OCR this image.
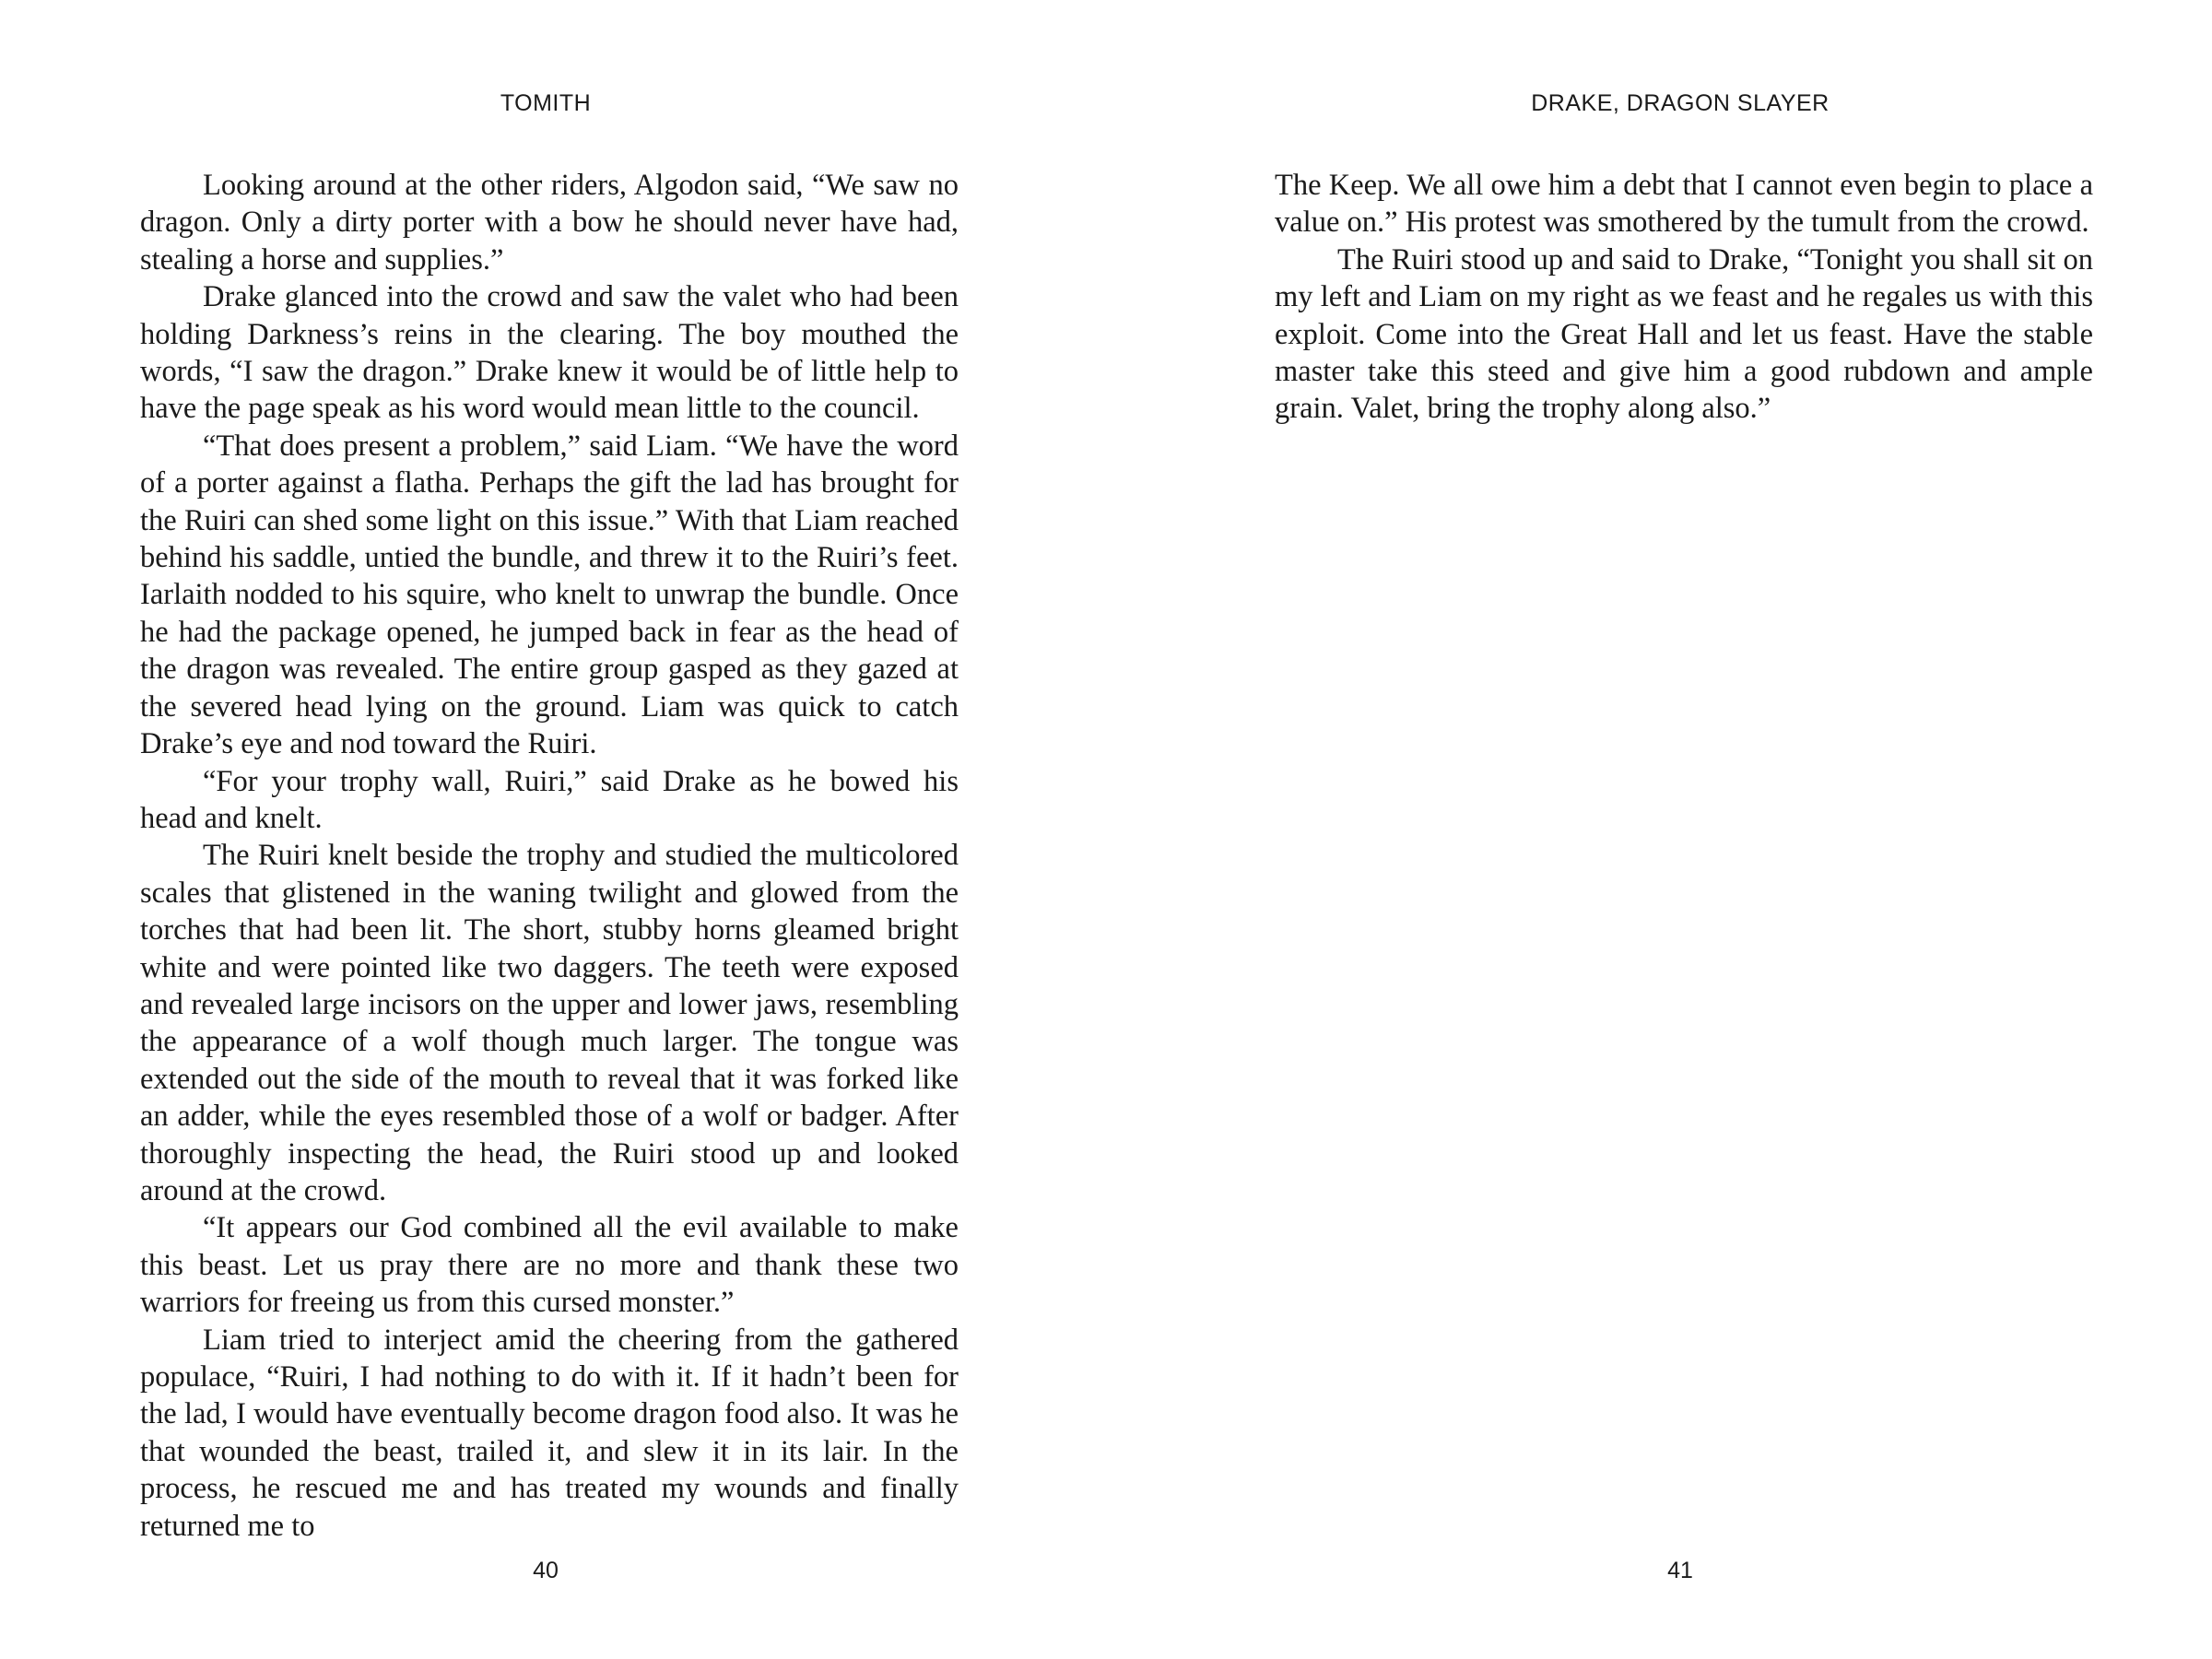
TOMITH

Looking around at the other riders, Algodon said, “We saw no dragon. Only a dirty porter with a bow he should never have had, stealing a horse and supplies.”

Drake glanced into the crowd and saw the valet who had been holding Darkness’s reins in the clearing. The boy mouthed the words, “I saw the dragon.” Drake knew it would be of little help to have the page speak as his word would mean little to the council.

“That does present a problem,” said Liam. “We have the word of a porter against a flatha. Perhaps the gift the lad has brought for the Ruiri can shed some light on this issue.” With that Liam reached behind his saddle, untied the bundle, and threw it to the Ruiri’s feet. Iarlaith nodded to his squire, who knelt to unwrap the bundle. Once he had the package opened, he jumped back in fear as the head of the dragon was revealed. The entire group gasped as they gazed at the severed head lying on the ground. Liam was quick to catch Drake’s eye and nod toward the Ruiri.

“For your trophy wall, Ruiri,” said Drake as he bowed his head and knelt.

The Ruiri knelt beside the trophy and studied the multicolored scales that glistened in the waning twilight and glowed from the torches that had been lit. The short, stubby horns gleamed bright white and were pointed like two daggers. The teeth were exposed and revealed large incisors on the upper and lower jaws, resembling the appearance of a wolf though much larger. The tongue was extended out the side of the mouth to reveal that it was forked like an adder, while the eyes resembled those of a wolf or badger. After thoroughly inspecting the head, the Ruiri stood up and looked around at the crowd.

“It appears our God combined all the evil available to make this beast. Let us pray there are no more and thank these two warriors for freeing us from this cursed monster.”

Liam tried to interject amid the cheering from the gathered populace, “Ruiri, I had nothing to do with it. If it hadn’t been for the lad, I would have eventually become dragon food also. It was he that wounded the beast, trailed it, and slew it in its lair. In the process, he rescued me and has treated my wounds and finally returned me to

40
DRAKE, DRAGON SLAYER

The Keep. We all owe him a debt that I cannot even begin to place a value on.” His protest was smothered by the tumult from the crowd.

The Ruiri stood up and said to Drake, “Tonight you shall sit on my left and Liam on my right as we feast and he regales us with this exploit. Come into the Great Hall and let us feast. Have the stable master take this steed and give him a good rubdown and ample grain. Valet, bring the trophy along also.”

41
